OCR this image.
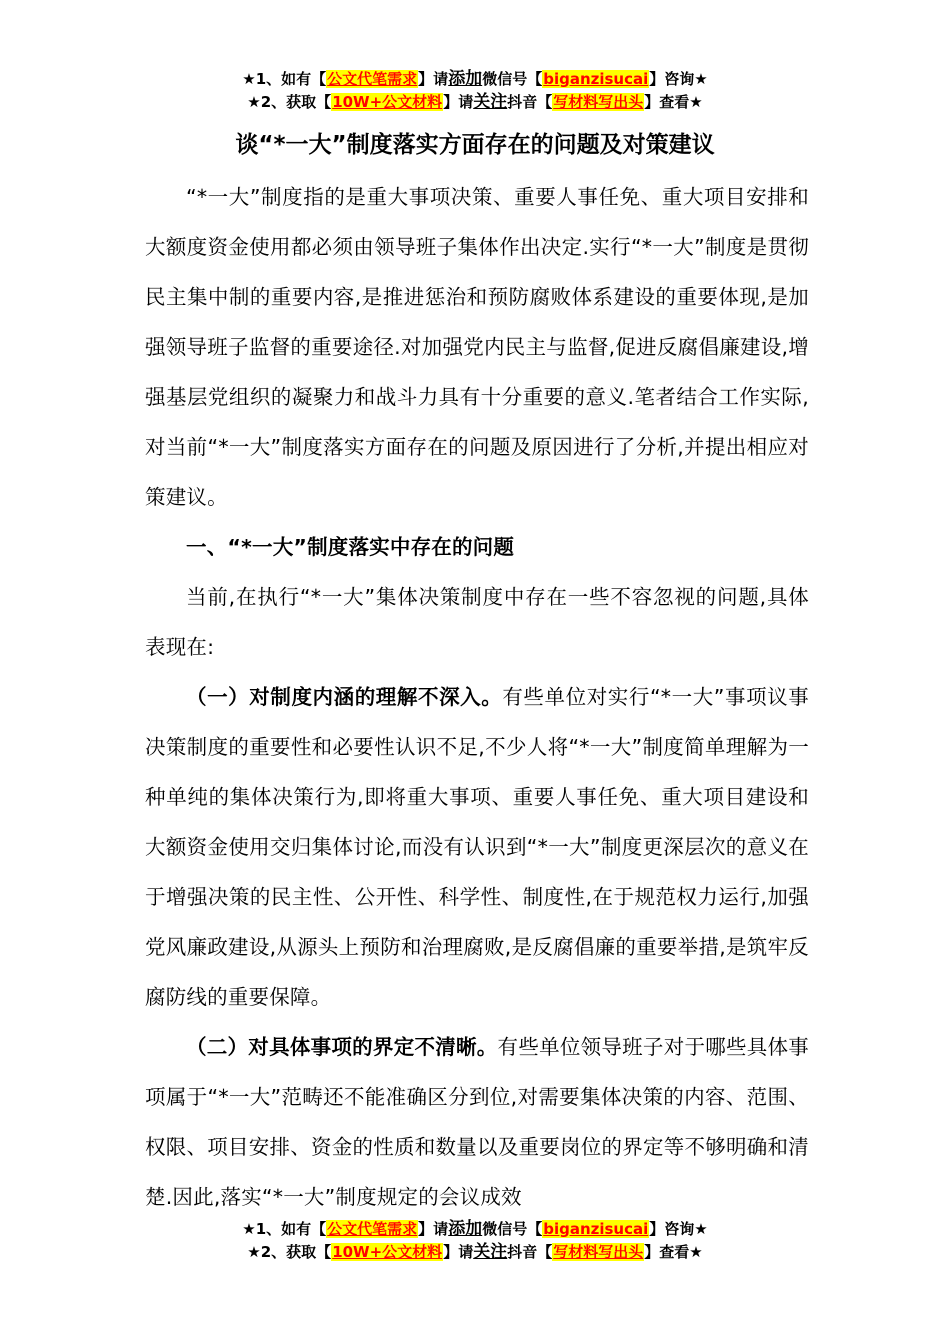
★1、如有【公文代笔需求】请添加微信号【biganzisucai】咨询★
★2、获取【10W+公文材料】请关注抖音【写材料写出头】查看★
谈“*一大”制度落实方面存在的问题及对策建议

“*一大”制度指的是重大事项决策、重要人事任免、重大项目安排和大额度资金使用都必须由领导班子集体作出决定.实行“*一大”制度是贯彻民主集中制的重要内容,是推进惩治和预防腐败体系建设的重要体现,是加强领导班子监督的重要途径.对加强党内民主与监督,促进反腐倡廉建设,增强基层党组织的凝聚力和战斗力具有十分重要的意义.笔者结合工作实际,对当前“*一大”制度落实方面存在的问题及原因进行了分析,并提出相应对策建议。

一、“*一大”制度落实中存在的问题

当前,在执行“*一大”集体决策制度中存在一些不容忽视的问题,具体表现在:

（一）对制度内涵的理解不深入。有些单位对实行“*一大”事项议事决策制度的重要性和必要性认识不足,不少人将“*一大”制度简单理解为一种单纯的集体决策行为,即将重大事项、重要人事任免、重大项目建设和大额资金使用交归集体讨论,而没有认识到“*一大”制度更深层次的意义在于增强决策的民主性、公开性、科学性、制度性,在于规范权力运行,加强党风廉政建设,从源头上预防和治理腐败,是反腐倡廉的重要举措,是筑牢反腐防线的重要保障。

（二）对具体事项的界定不清晰。有些单位领导班子对于哪些具体事项属于“*一大”范畴还不能准确区分到位,对需要集体决策的内容、范围、权限、项目安排、资金的性质和数量以及重要岗位的界定等不够明确和清楚.因此,落实“*一大”制度规定的会议成效

★1、如有【公文代笔需求】请添加微信号【biganzisucai】咨询★
★2、获取【10W+公文材料】请关注抖音【写材料写出头】查看★
